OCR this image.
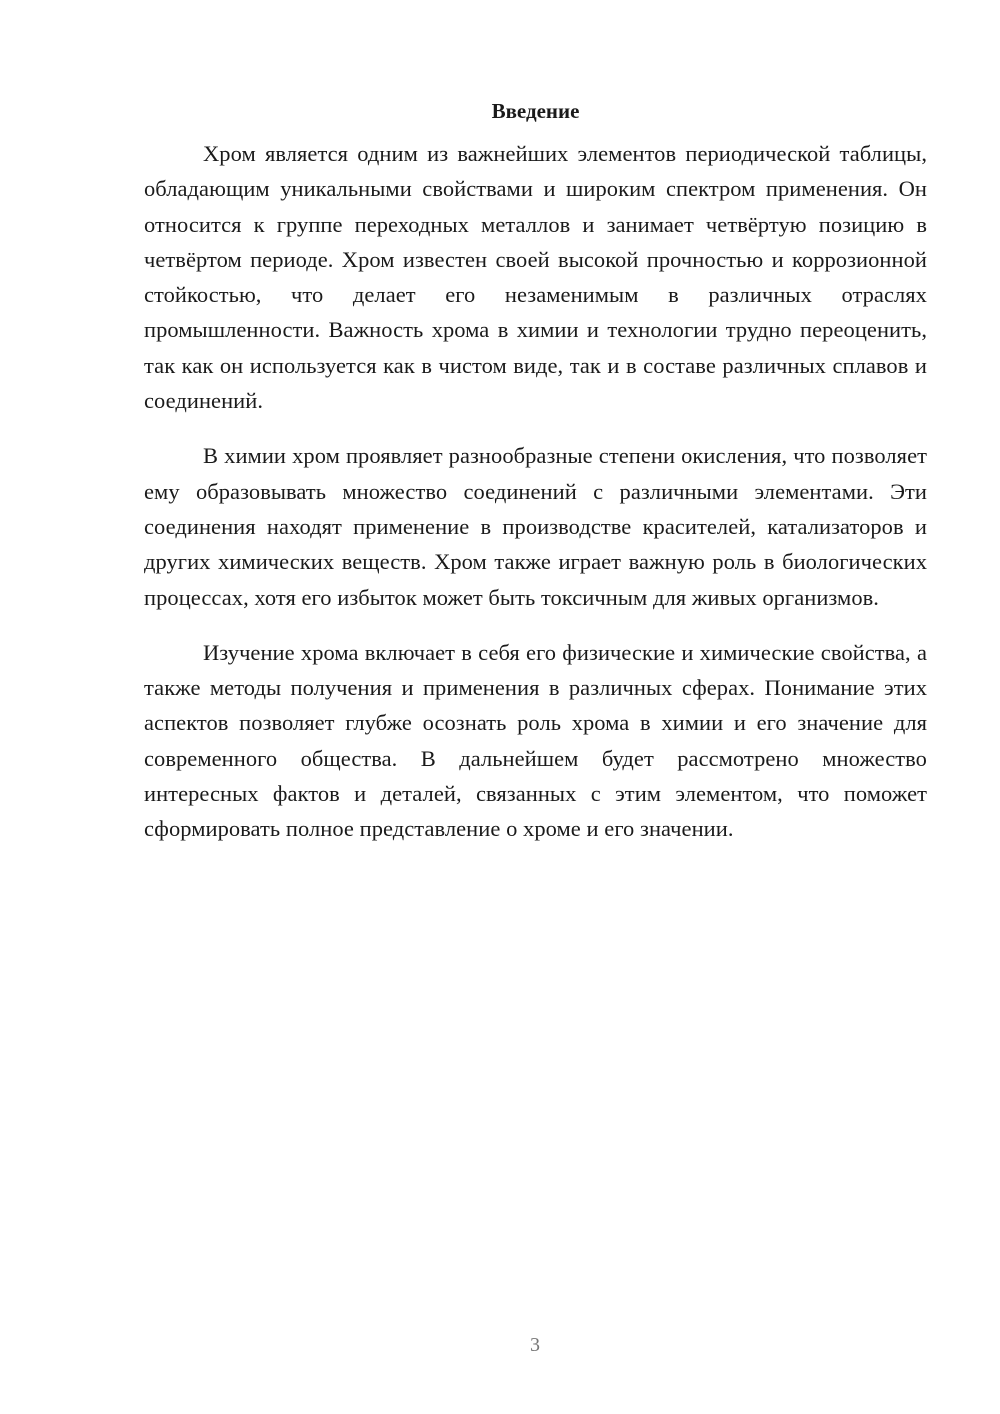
Введение

Хром является одним из важнейших элементов периодической таблицы, обладающим уникальными свойствами и широким спектром применения. Он относится к группе переходных металлов и занимает четвёртую позицию в четвёртом периоде. Хром известен своей высокой прочностью и коррозионной стойкостью, что делает его незаменимым в различных отраслях промышленности. Важность хрома в химии и технологии трудно переоценить, так как он используется как в чистом виде, так и в составе различных сплавов и соединений.

В химии хром проявляет разнообразные степени окисления, что позволяет ему образовывать множество соединений с различными элементами. Эти соединения находят применение в производстве красителей, катализаторов и других химических веществ. Хром также играет важную роль в биологических процессах, хотя его избыток может быть токсичным для живых организмов.

Изучение хрома включает в себя его физические и химические свойства, а также методы получения и применения в различных сферах. Понимание этих аспектов позволяет глубже осознать роль хрома в химии и его значение для современного общества. В дальнейшем будет рассмотрено множество интересных фактов и деталей, связанных с этим элементом, что поможет сформировать полное представление о хроме и его значении.

3
